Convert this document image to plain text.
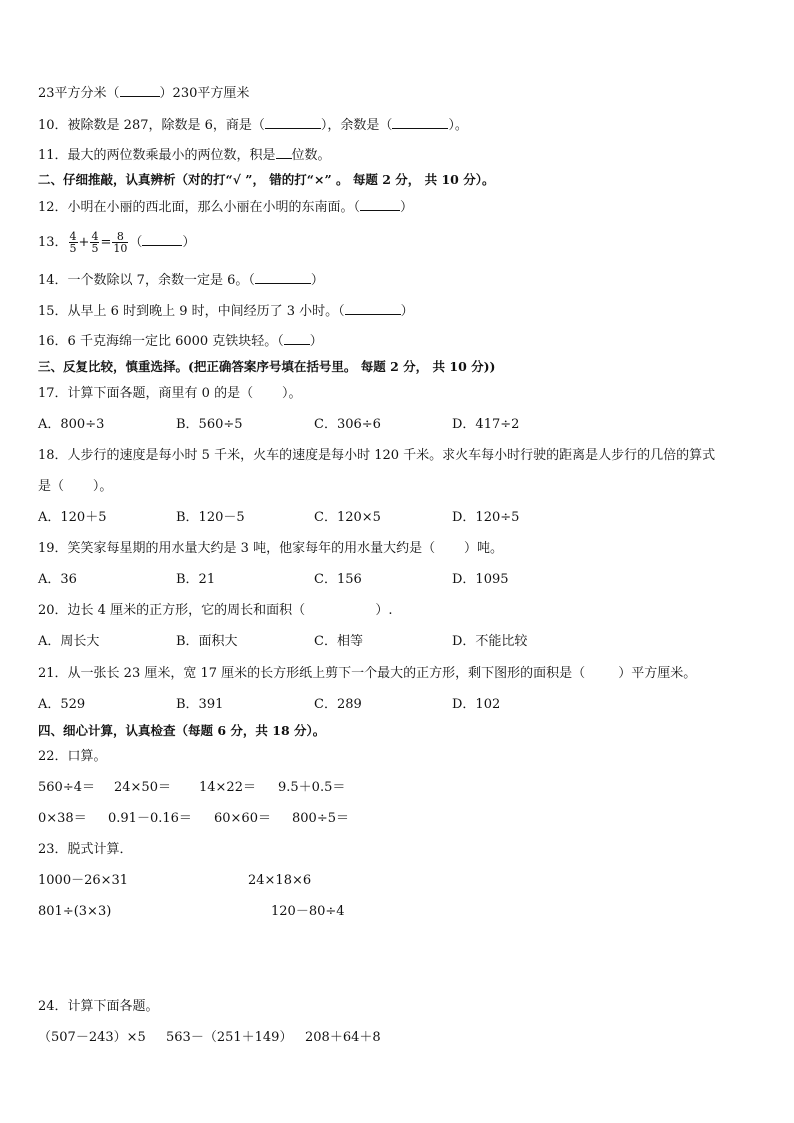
23平方分米（	）230平方厘米
10．被除数是 287，除数是 6，商是（	），余数是（	）。
11．最大的两位数乘最小的两位数，积是 位数。
二、仔细推敲，认真辨析（对的打“√ ”， 错的打“×” 。 每题 2 分， 共 10 分）。
12．小明在小丽的西北面，那么小丽在小明的东南面。（	）
13． $\frac{4}{5} + \frac{4}{5} = \frac{8}{10}$ （	）
14．一个数除以 7，余数一定是 6。（	）
15．从早上 6 时到晚上 9 时，中间经历了 3 小时。（	）
16．6 千克海绵一定比 6000 克铁块轻。（ ）
三、反复比较，慎重选择。(把正确答案序号填在括号里。 每题 2 分， 共 10 分))
17．计算下面各题，商里有 0 的是（       ）。
A．800÷3	B．560÷5	C．306÷6	D．417÷2
18．人步行的速度是每小时 5 千米，火车的速度是每小时 120 千米。求火车每小时行驶的距离是人步行的几倍的算式
是（       ）。
A．120＋5	B．120－5	C．120×5	D．120÷5
19．笑笑家每星期的用水量大约是 3 吨，他家每年的用水量大约是（       ）吨。
A．36	B．21	C．156	D．1095
20．边长 4 厘米的正方形，它的周长和面积（                 ）.
A．周长大	B．面积大	C．相等	D．不能比较
21．从一张长 23 厘米，宽 17 厘米的长方形纸上剪下一个最大的正方形，剩下图形的面积是（        ）平方厘米。
A．529	B．391	C．289	D．102
四、细心计算，认真检查（每题 6 分，共 18 分）。
22．口算。
560÷4＝ 24×50＝ 14×22＝ 9.5＋0.5＝
0×38＝ 0.91－0.16＝ 60×60＝ 800÷5＝
23．脱式计算．
1000－26×31	24×18×6
801÷(3×3)	120－80÷4
24．计算下面各题。
（507－243）×5 563－（251＋149） 208＋64＋8
